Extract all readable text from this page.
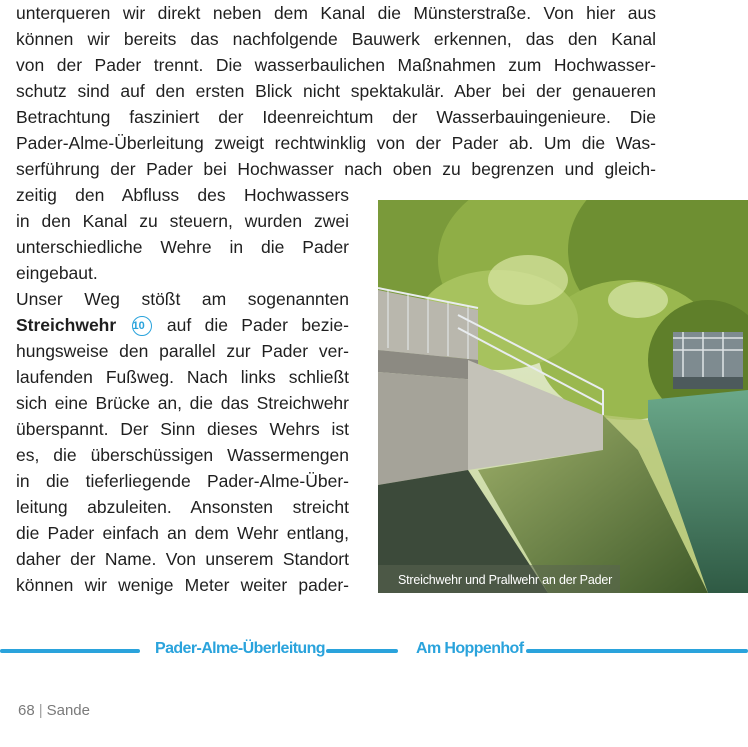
unterqueren wir direkt neben dem Kanal die Münsterstraße. Von hier aus
können wir bereits das nachfolgende Bauwerk erkennen, das den Kanal
von der Pader trennt. Die wasserbaulichen Maßnahmen zum Hochwasser-
schutz sind auf den ersten Blick nicht spektakulär. Aber bei der genaueren
Betrachtung fasziniert der Ideenreichtum der Wasserbauingenieure. Die
Pader-Alme-Überleitung zweigt rechtwinklig von der Pader ab. Um die Was-
serführung der Pader bei Hochwasser nach oben zu begrenzen und gleich-
zeitig den Abfluss des Hochwassers
in den Kanal zu steuern, wurden zwei
unterschiedliche Wehre in die Pader
eingebaut.
Unser Weg stößt am sogenannten
Streichwehr 10 auf die Pader bezie-
hungsweise den parallel zur Pader ver-
laufenden Fußweg. Nach links schließt
sich eine Brücke an, die das Streichwehr
überspannt. Der Sinn dieses Wehrs ist
es, die überschüssigen Wassermengen
in die tieferliegende Pader-Alme-Über-
leitung abzuleiten. Ansonsten streicht
die Pader einfach an dem Wehr entlang,
daher der Name. Von unserem Standort
können wir wenige Meter weiter pader-	Streichwehr und Prallwehr an der Pader
Pader-Alme-Überleitung	Am Hoppenhof
68 | Sande
